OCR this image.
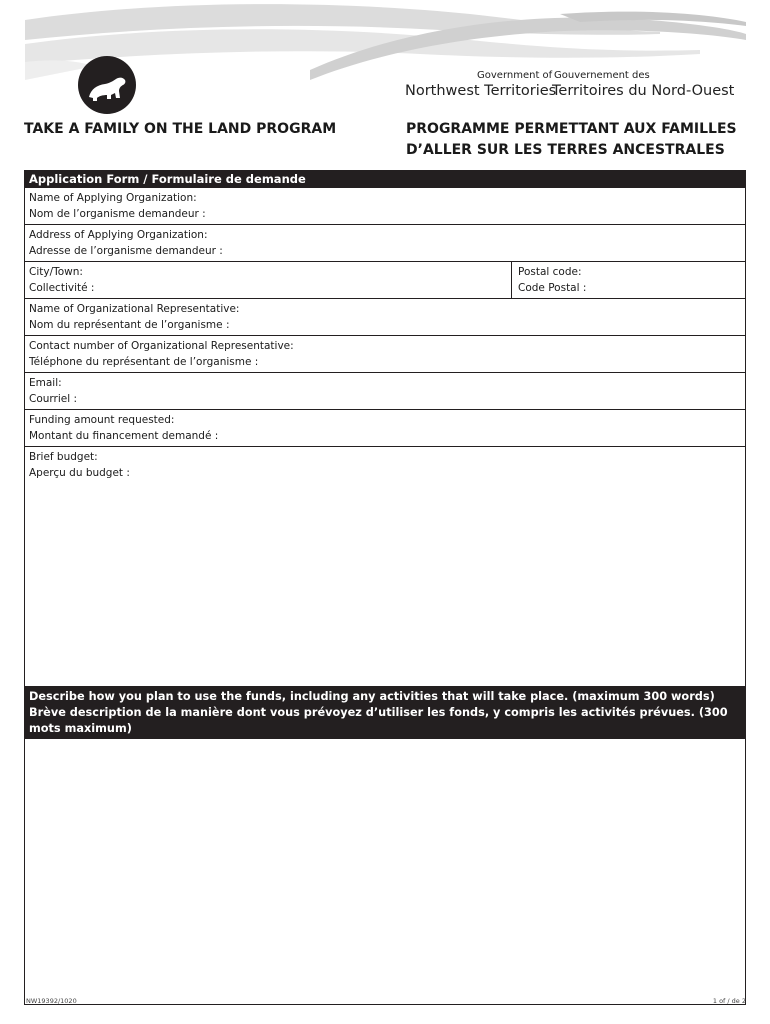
Government of
Northwest Territories
Gouvernement des
Territoires du Nord-Ouest
TAKE A FAMILY ON THE LAND PROGRAM	PROGRAMME PERMETTANT AUX FAMILLES
D’ALLER SUR LES TERRES ANCESTRALES
Application Form / Formulaire de demande
Name of Applying Organization:
Nom de l’organisme demandeur :
Address of Applying Organization:
Adresse de l’organisme demandeur :
City/Town:
Collectivité :
Postal code:
Code Postal :
Name of Organizational Representative:
Nom du représentant de l’organisme :
Contact number of Organizational Representative:
Téléphone du représentant de l’organisme :
Email:
Courriel :
Funding amount requested:
Montant du financement demandé :
Brief budget:
Aperçu du budget :
Describe how you plan to use the funds, including any activities that will take place. (maximum 300 words)
Brève description de la manière dont vous prévoyez d’utiliser les fonds, y compris les activités prévues. (300 mots maximum)
NW19392/1020	1 of / de 2
